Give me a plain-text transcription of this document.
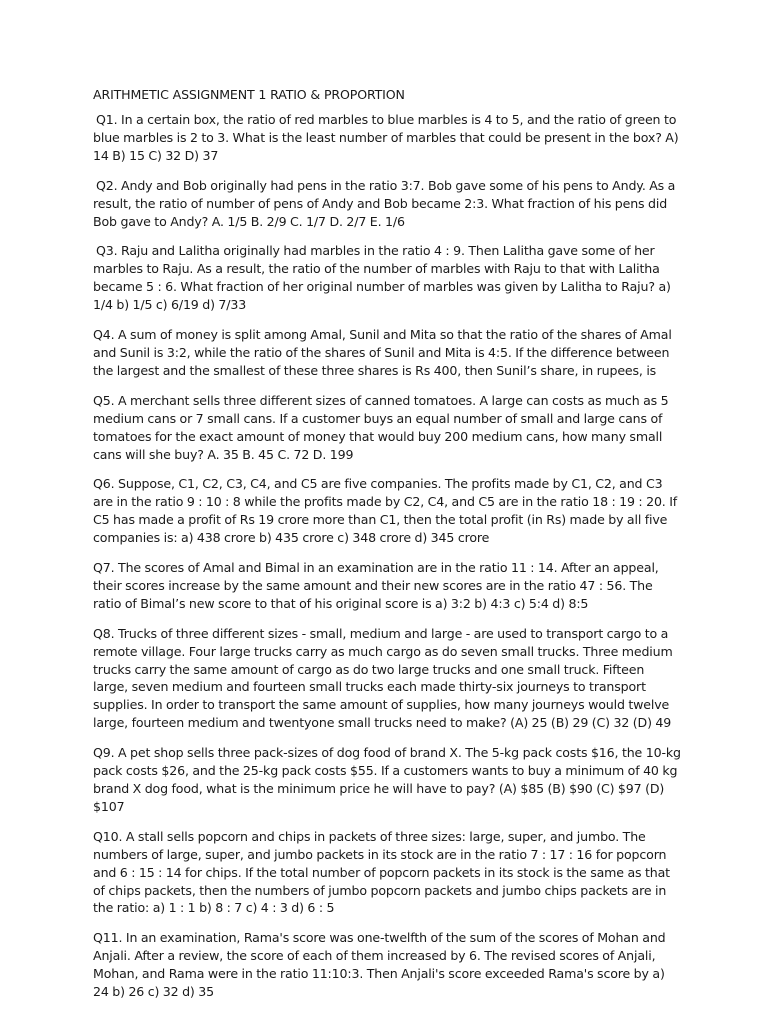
ARITHMETIC ASSIGNMENT 1 RATIO & PROPORTION

Q1. In a certain box, the ratio of red marbles to blue marbles is 4 to 5, and the ratio of green to blue marbles is 2 to 3. What is the least number of marbles that could be present in the box? A) 14 B) 15 C) 32 D) 37

Q2. Andy and Bob originally had pens in the ratio 3:7. Bob gave some of his pens to Andy. As a result, the ratio of number of pens of Andy and Bob became 2:3. What fraction of his pens did Bob gave to Andy? A. 1/5 B. 2/9 C. 1/7 D. 2/7 E. 1/6

Q3. Raju and Lalitha originally had marbles in the ratio 4 : 9. Then Lalitha gave some of her marbles to Raju. As a result, the ratio of the number of marbles with Raju to that with Lalitha became 5 : 6. What fraction of her original number of marbles was given by Lalitha to Raju? a) 1/4 b) 1/5 c) 6/19 d) 7/33

Q4. A sum of money is split among Amal, Sunil and Mita so that the ratio of the shares of Amal and Sunil is 3:2, while the ratio of the shares of Sunil and Mita is 4:5. If the difference between the largest and the smallest of these three shares is Rs 400, then Sunil’s share, in rupees, is

Q5. A merchant sells three different sizes of canned tomatoes. A large can costs as much as 5 medium cans or 7 small cans. If a customer buys an equal number of small and large cans of tomatoes for the exact amount of money that would buy 200 medium cans, how many small cans will she buy? A. 35 B. 45 C. 72 D. 199

Q6. Suppose, C1, C2, C3, C4, and C5 are five companies. The profits made by C1, C2, and C3 are in the ratio 9 : 10 : 8 while the profits made by C2, C4, and C5 are in the ratio 18 : 19 : 20. If C5 has made a profit of Rs 19 crore more than C1, then the total profit (in Rs) made by all five companies is: a) 438 crore b) 435 crore c) 348 crore d) 345 crore

Q7. The scores of Amal and Bimal in an examination are in the ratio 11 : 14. After an appeal, their scores increase by the same amount and their new scores are in the ratio 47 : 56. The ratio of Bimal’s new score to that of his original score is a) 3:2 b) 4:3 c) 5:4 d) 8:5

Q8. Trucks of three different sizes - small, medium and large - are used to transport cargo to a remote village. Four large trucks carry as much cargo as do seven small trucks. Three medium trucks carry the same amount of cargo as do two large trucks and one small truck. Fifteen large, seven medium and fourteen small trucks each made thirty-six journeys to transport supplies. In order to transport the same amount of supplies, how many journeys would twelve large, fourteen medium and twentyone small trucks need to make? (A) 25 (B) 29 (C) 32 (D) 49

Q9. A pet shop sells three pack-sizes of dog food of brand X. The 5-kg pack costs $16, the 10-kg pack costs $26, and the 25-kg pack costs $55. If a customers wants to buy a minimum of 40 kg brand X dog food, what is the minimum price he will have to pay? (A) $85 (B) $90 (C) $97 (D) $107

Q10. A stall sells popcorn and chips in packets of three sizes: large, super, and jumbo. The numbers of large, super, and jumbo packets in its stock are in the ratio 7 : 17 : 16 for popcorn and 6 : 15 : 14 for chips. If the total number of popcorn packets in its stock is the same as that of chips packets, then the numbers of jumbo popcorn packets and jumbo chips packets are in the ratio: a) 1 : 1 b) 8 : 7 c) 4 : 3 d) 6 : 5

Q11. In an examination, Rama's score was one-twelfth of the sum of the scores of Mohan and Anjali. After a review, the score of each of them increased by 6. The revised scores of Anjali, Mohan, and Rama were in the ratio 11:10:3. Then Anjali's score exceeded Rama's score by a) 24 b) 26 c) 32 d) 35
